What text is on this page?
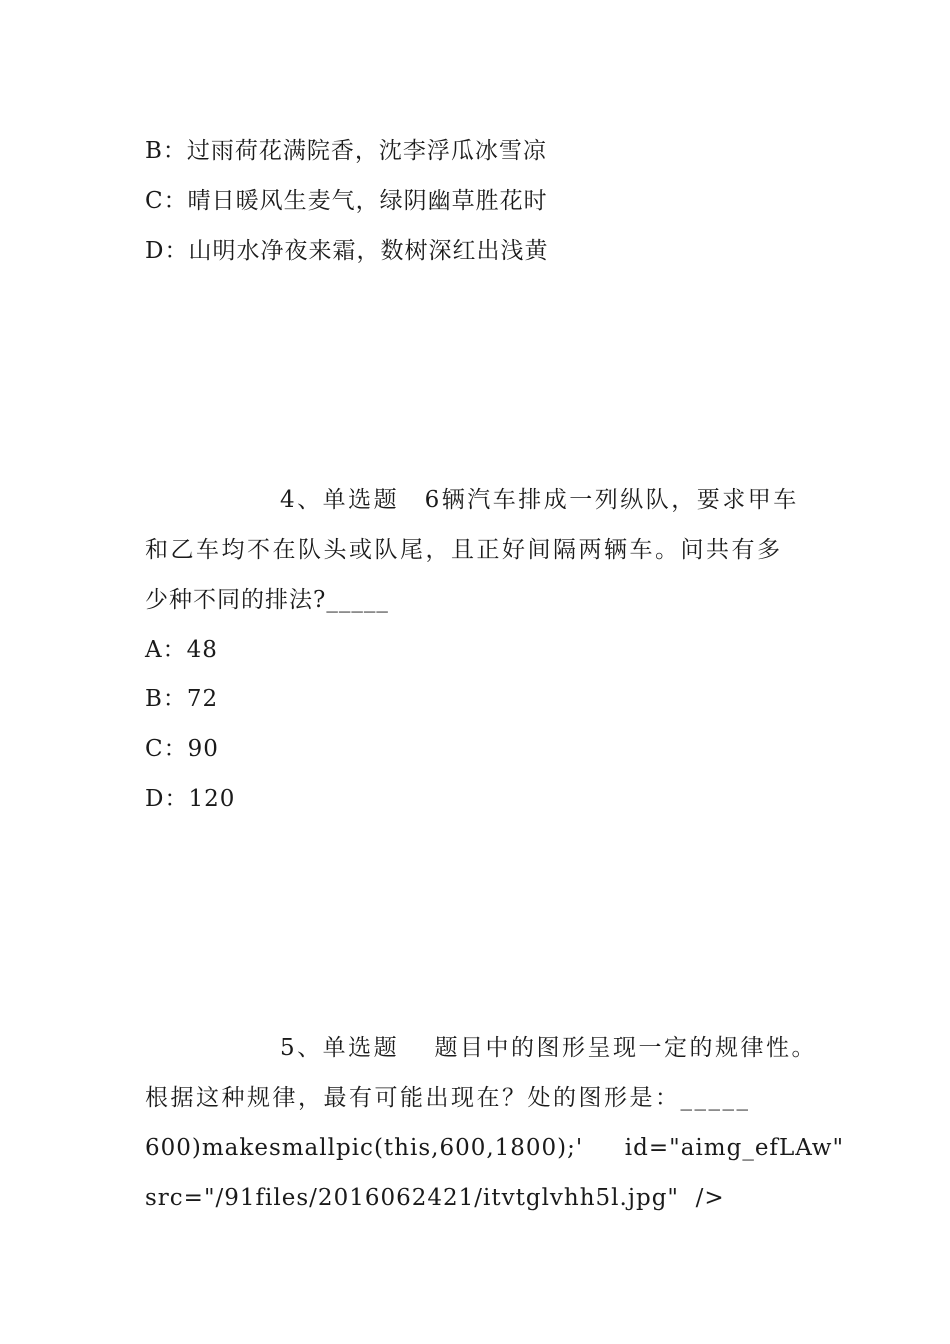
B：过雨荷花满院香，沈李浮瓜冰雪凉
C：晴日暖风生麦气，绿阴幽草胜花时
D：山明水净夜来霜，数树深红出浅黄
4、单选题　6辆汽车排成一列纵队，要求甲车
和乙车均不在队头或队尾，且正好间隔两辆车。问共有多
少种不同的排法?_____
A：48
B：72
C：90
D：120
5、单选题　 题目中的图形呈现一定的规律性。
根据这种规律，最有可能出现在？处的图形是：_____
600)makesmallpic(this,600,1800);'     id="aimg_efLAw"
src="/91files/2016062421/itvtglvhh5l.jpg"  />
